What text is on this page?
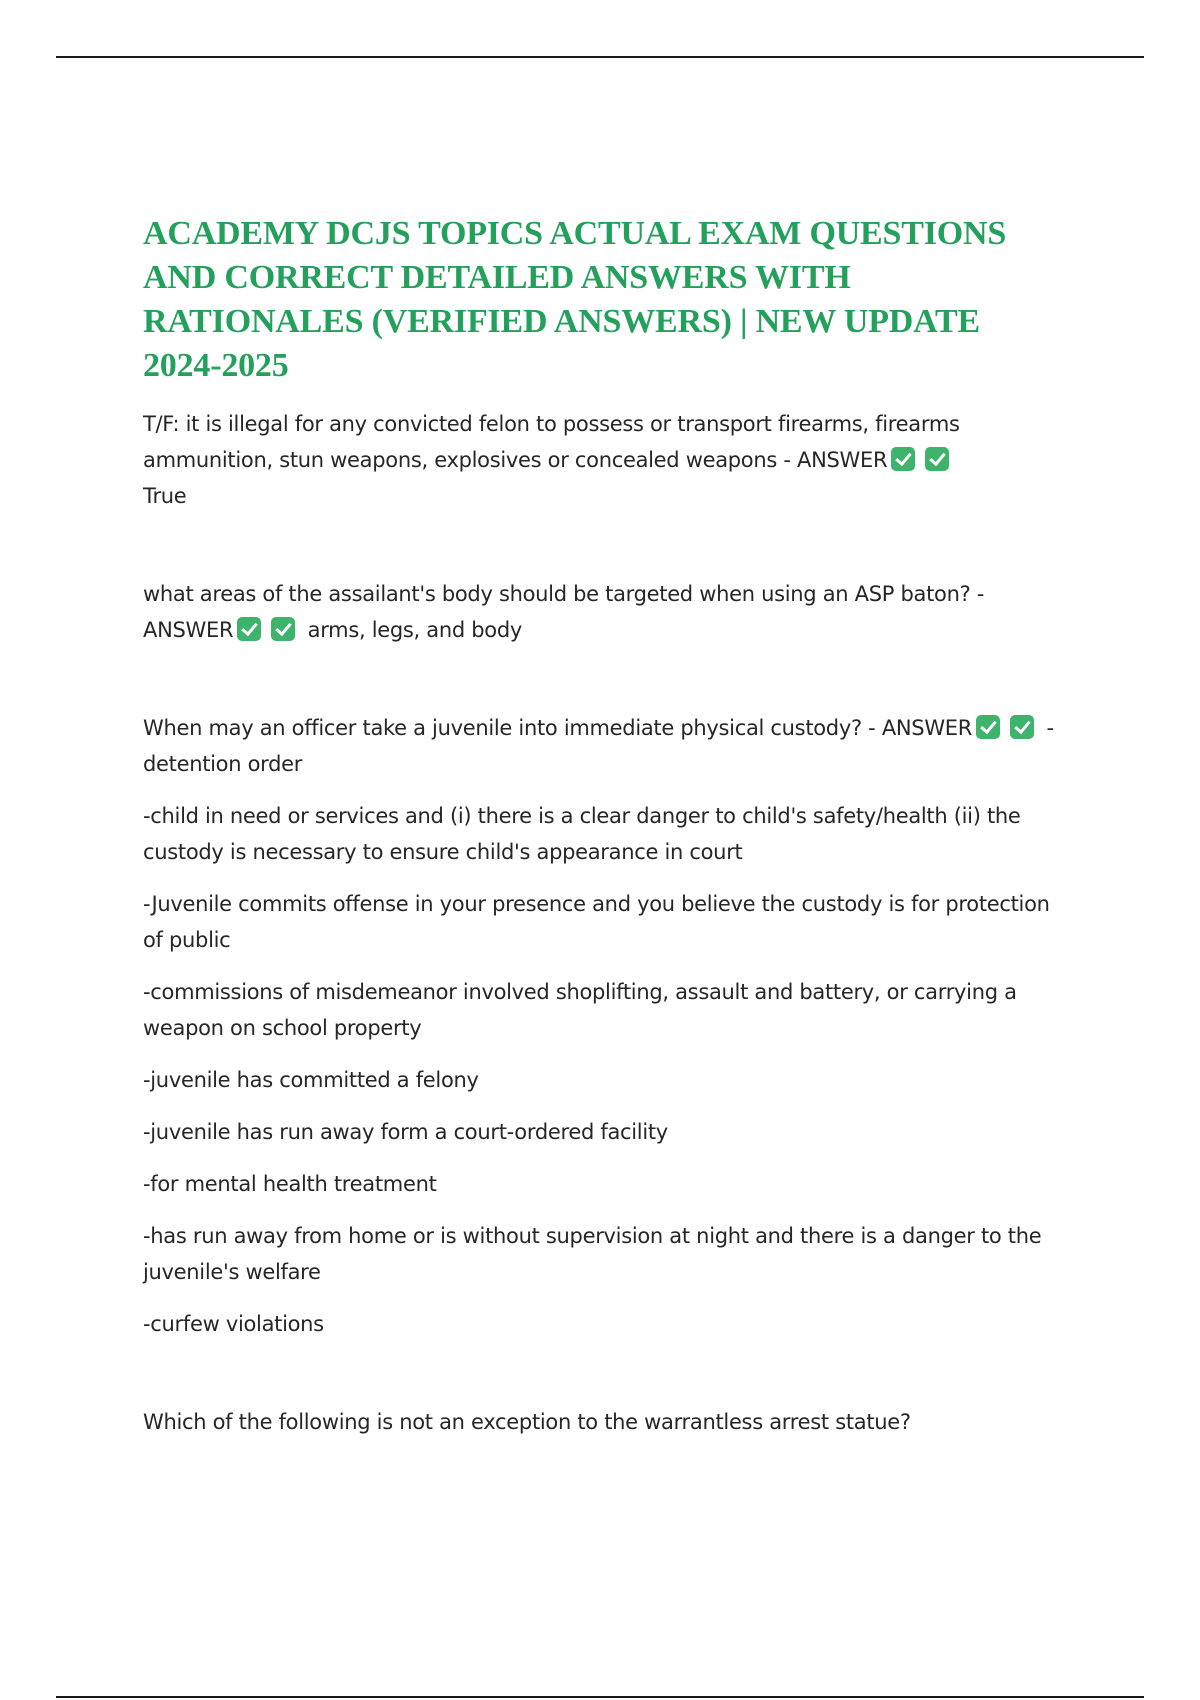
ACADEMY DCJS TOPICS ACTUAL EXAM QUESTIONS AND CORRECT DETAILED ANSWERS WITH RATIONALES (VERIFIED ANSWERS) | NEW UPDATE 2024-2025

T/F: it is illegal for any convicted felon to possess or transport firearms, firearms ammunition, stun weapons, explosives or concealed weapons - ANSWER
True

what areas of the assailant's body should be targeted when using an ASP baton? - ANSWER	arms, legs, and body

When may an officer take a juvenile into immediate physical custody? - ANSWER	-detention order

-child in need or services and (i) there is a clear danger to child's safety/health (ii) the custody is necessary to ensure child's appearance in court

-Juvenile commits offense in your presence and you believe the custody is for protection of public

-commissions of misdemeanor involved shoplifting, assault and battery, or carrying a weapon on school property

-juvenile has committed a felony

-juvenile has run away form a court-ordered facility

-for mental health treatment

-has run away from home or is without supervision at night and there is a danger to the juvenile's welfare

-curfew violations

Which of the following is not an exception to the warrantless arrest statue?
